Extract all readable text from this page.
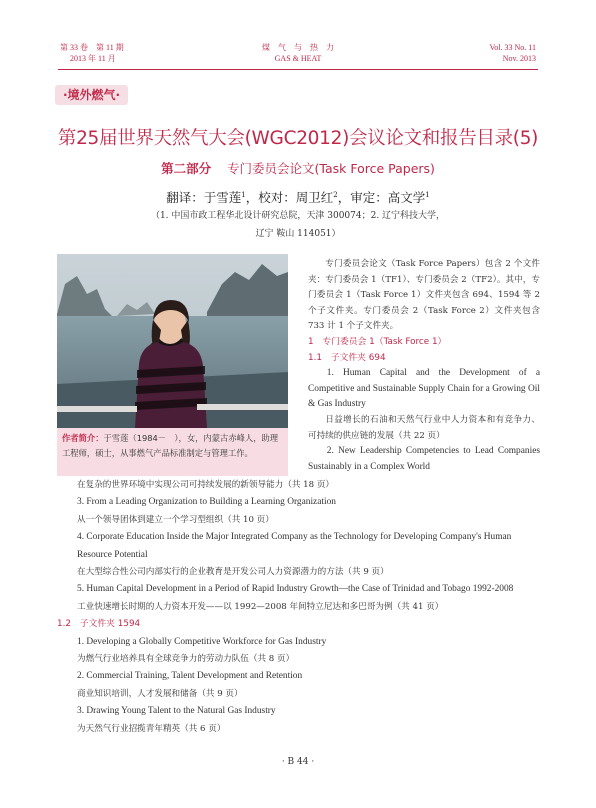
第 33 卷　第 11 期
2013 年 11 月
煤　气　与　热　力
GAS & HEAT
Vol. 33 No. 11
Nov. 2013
·境外燃气·
第25届世界天然气大会(WGC2012)会议论文和报告目录(5)
第二部分 专门委员会论文(Task Force Papers)
翻译：于雪莲$^1$，校对：周卫红$^2$，审定：高文学$^1$
（1. 中国市政工程华北设计研究总院，天津 300074；2. 辽宁科技大学，
辽宁 鞍山 114051）
作者简介：于雪莲（1984－　），女，内蒙古赤峰人，助理工程师，硕士，从事燃气产品标准制定与管理工作。

专门委员会论文（Task Force Papers）包含 2 个文件夹：专门委员会 1（TF1）、专门委员会 2（TF2）。其中，专门委员会 1（Task Force 1）文件夹包含 694、1594 等 2 个子文件夹。专门委员会 2（Task Force 2）文件夹包含 733 计 1 个子文件夹。

1　专门委员会 1（Task Force 1）
1.1　子文件夹 694

1. Human Capital and the Development of a Competitive and Sustainable Supply Chain for a Growing Oil & Gas Industry

日益增长的石油和天然气行业中人力资本和有竞争力、可持续的供应链的发展（共 22 页）

2. New Leadership Competencies to Lead Companies Sustainably in a Complex World

在复杂的世界环境中实现公司可持续发展的新领导能力（共 18 页）
3. From a Leading Organization to Building a Learning Organization
从一个领导团体到建立一个学习型组织（共 10 页）
4. Corporate Education Inside the Major Integrated Company as the Technology for Developing Company's Human Resource Potential
在大型综合性公司内部实行的企业教育是开发公司人力资源潜力的方法（共 9 页）
5. Human Capital Development in a Period of Rapid Industry Growth—the Case of Trinidad and Tobago 1992-2008
工业快速增长时期的人力资本开发——以 1992—2008 年间特立尼达和多巴哥为例（共 41 页）
1.2　子文件夹 1594
1. Developing a Globally Competitive Workforce for Gas Industry
为燃气行业培养具有全球竞争力的劳动力队伍（共 8 页）
2. Commercial Training, Talent Development and Retention
商业知识培训，人才发展和储备（共 9 页）
3. Drawing Young Talent to the Natural Gas Industry
为天然气行业招揽青年精英（共 6 页）
· B 44 ·
